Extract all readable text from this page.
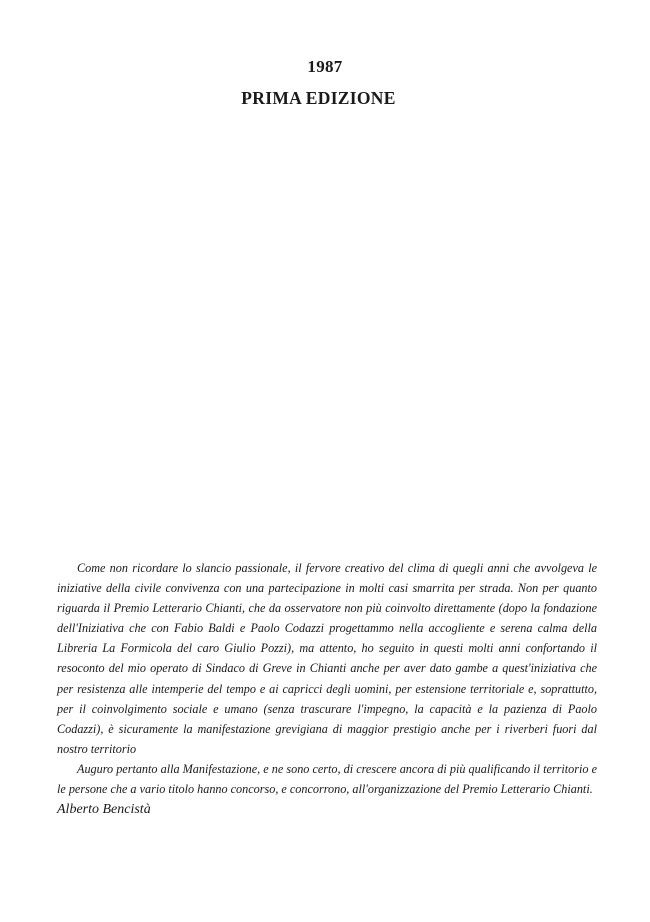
1987
PRIMA EDIZIONE

Come non ricordare lo slancio passionale, il fervore creativo del clima di quegli anni che avvolgeva le iniziative della civile convivenza con una partecipazione in molti casi smarrita per strada. Non per quanto riguarda il Premio Letterario Chianti, che da osservatore non più coinvolto direttamente (dopo la fondazione dell'Iniziativa che con Fabio Baldi e Paolo Codazzi progettammo nella accogliente e serena calma della Libreria La Formicola del caro Giulio Pozzi), ma attento, ho seguito in questi molti anni confortando il resoconto del mio operato di Sindaco di Greve in Chianti anche per aver dato gambe a quest'iniziativa che per resistenza alle intemperie del tempo e ai capricci degli uomini, per estensione territoriale e, soprattutto, per il coinvolgimento sociale e umano (senza trascurare l'impegno, la capacità e la pazienza di Paolo Codazzi), è sicuramente la manifestazione grevigiana di maggior prestigio anche per i riverberi fuori dal nostro territorio

Auguro pertanto alla Manifestazione, e ne sono certo, di crescere ancora di più qualificando il territorio e le persone che a vario titolo hanno concorso, e concorrono, all'organizzazione del Premio Letterario Chianti.

Alberto Bencistà
